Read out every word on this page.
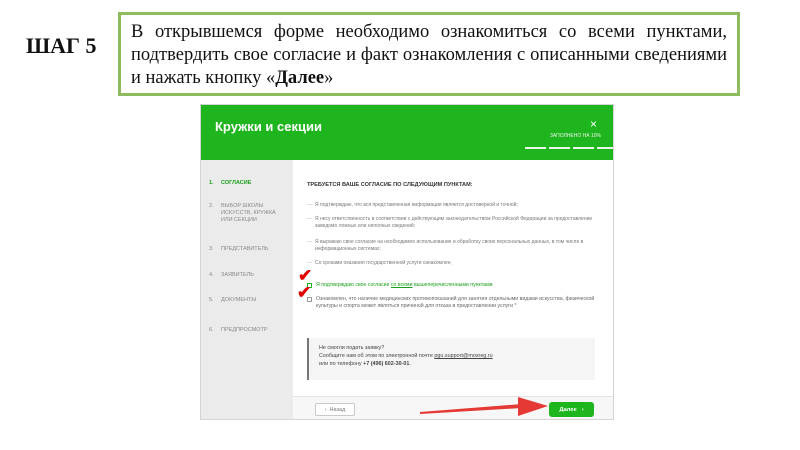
ШАГ 5
В открывшемся форме необходимо ознакомиться со всеми пунктами, подтвердить свое согласие и факт ознакомления с описанными сведениями и нажать кнопку «Далее»
Кружки и секции	×
ЗАПОЛНЕНО НА 10%
1. СОГЛАСИЕ
2. ВЫБОР ШКОЛЫ ИСКУССТВ, КРУЖКА ИЛИ СЕКЦИИ
3. ПРЕДСТАВИТЕЛЬ
4. ЗАЯВИТЕЛЬ
5. ДОКУМЕНТЫ
6. ПРЕДПРОСМОТР
ТРЕБУЕТСЯ ВАШЕ СОГЛАСИЕ ПО СЛЕДУЮЩИМ ПУНКТАМ:
— Я подтверждаю, что вся представленная информация является достоверной и точной;
— Я несу ответственность в соответствии с действующим законодательством Российской Федерации за предоставление заведомо ложных или неполных сведений;
— Я выражаю свое согласие на необходимое использование и обработку своих персональных данных, в том числе в информационных системах;
— Со сроками оказания государственной услуги ознакомлен;
Я подтверждаю свое согласие со всеми вышеперечисленными пунктами
Ознакомлен, что наличие медицинских противопоказаний для занятия отдельными видами искусства, физической культуры и спорта может являться причиной для отказа в предоставлении услуги *
Не смогли подать заявку?
Сообщите нам об этом по электронной почте pgu.support@mosreg.ru
или по телефону +7 (496) 602-30-01.
‹ Назад	Далее ›
✔
✔
